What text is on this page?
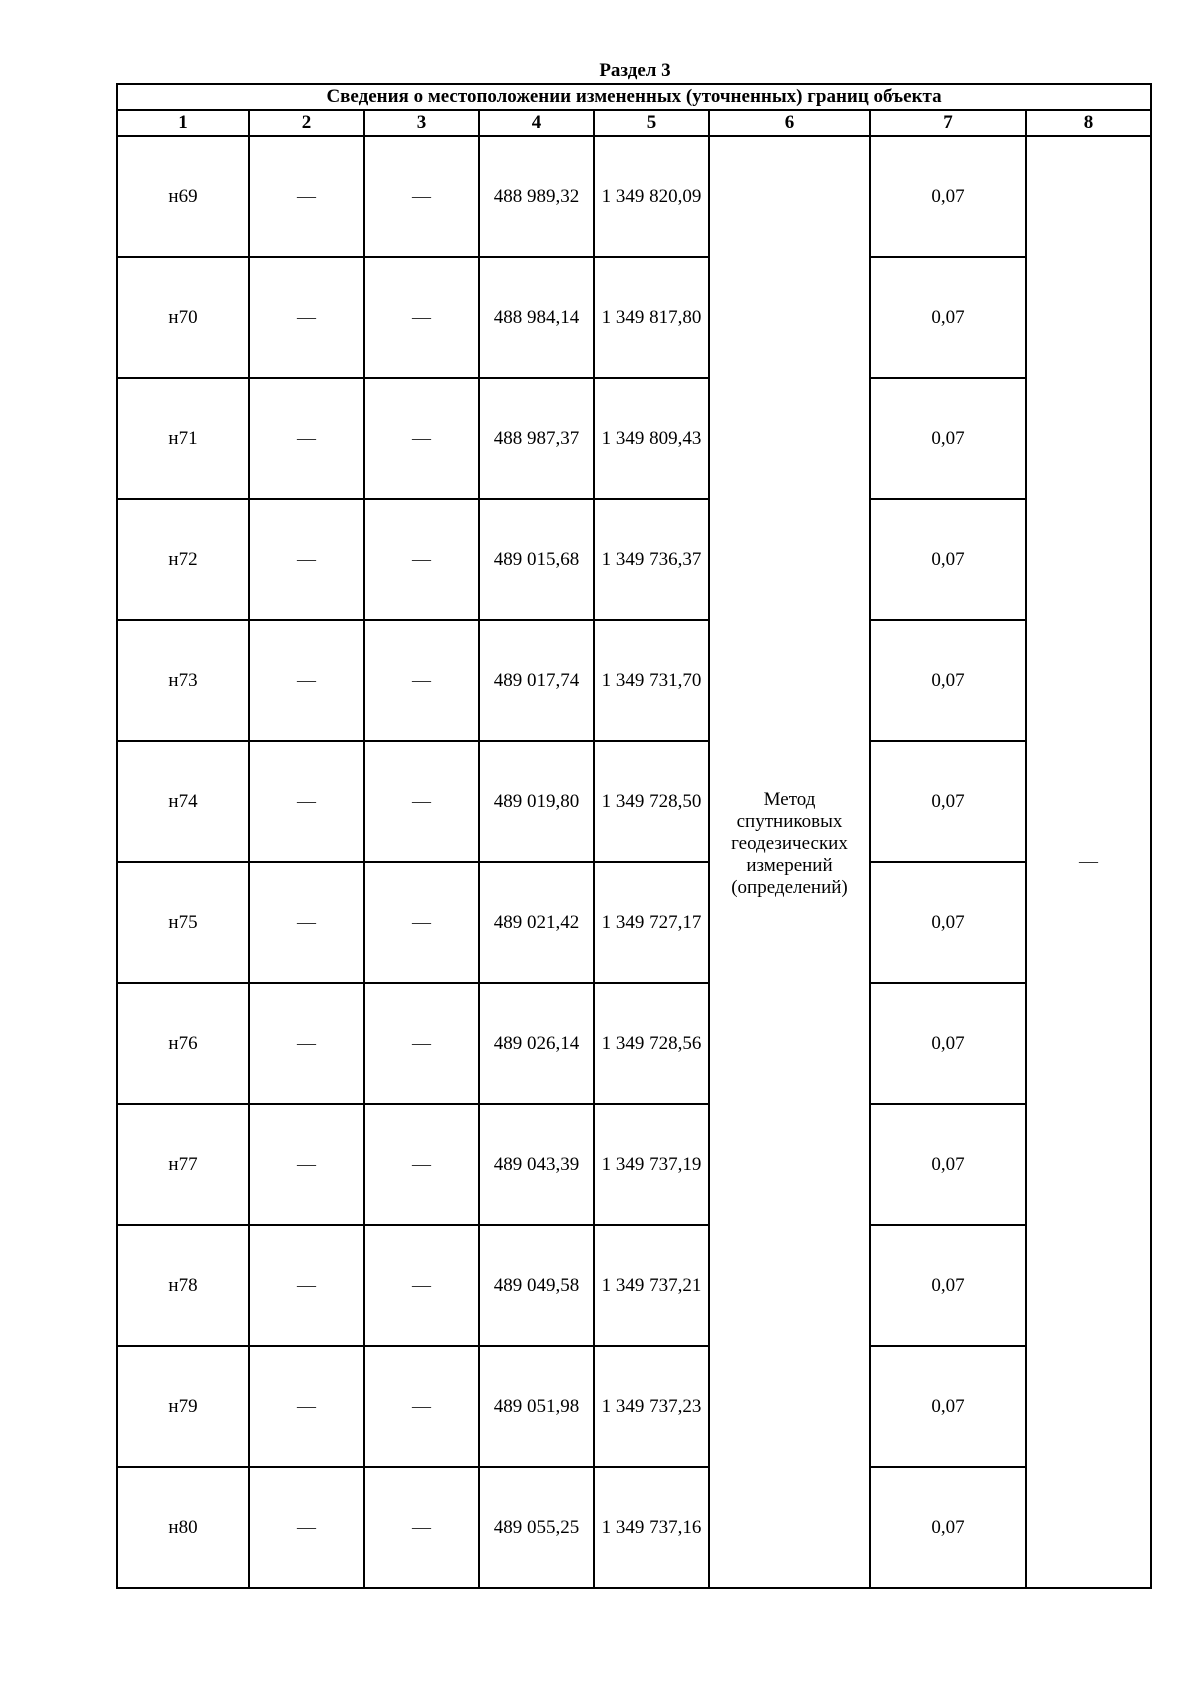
Раздел 3
Сведения о местоположении измененных (уточненных) границ объекта							
1	2	3	4	5	6	7	8
н69	—	—	488 989,32	1 349 820,09	Метод спутниковых геодезических измерений (определений)	0,07	—
н70	—	—	488 984,14	1 349 817,80		0,07	
н71	—	—	488 987,37	1 349 809,43		0,07	
н72	—	—	489 015,68	1 349 736,37		0,07	
н73	—	—	489 017,74	1 349 731,70		0,07	
н74	—	—	489 019,80	1 349 728,50		0,07	
н75	—	—	489 021,42	1 349 727,17		0,07	
н76	—	—	489 026,14	1 349 728,56		0,07	
н77	—	—	489 043,39	1 349 737,19		0,07	
н78	—	—	489 049,58	1 349 737,21		0,07	
н79	—	—	489 051,98	1 349 737,23		0,07	
н80	—	—	489 055,25	1 349 737,16		0,07	
